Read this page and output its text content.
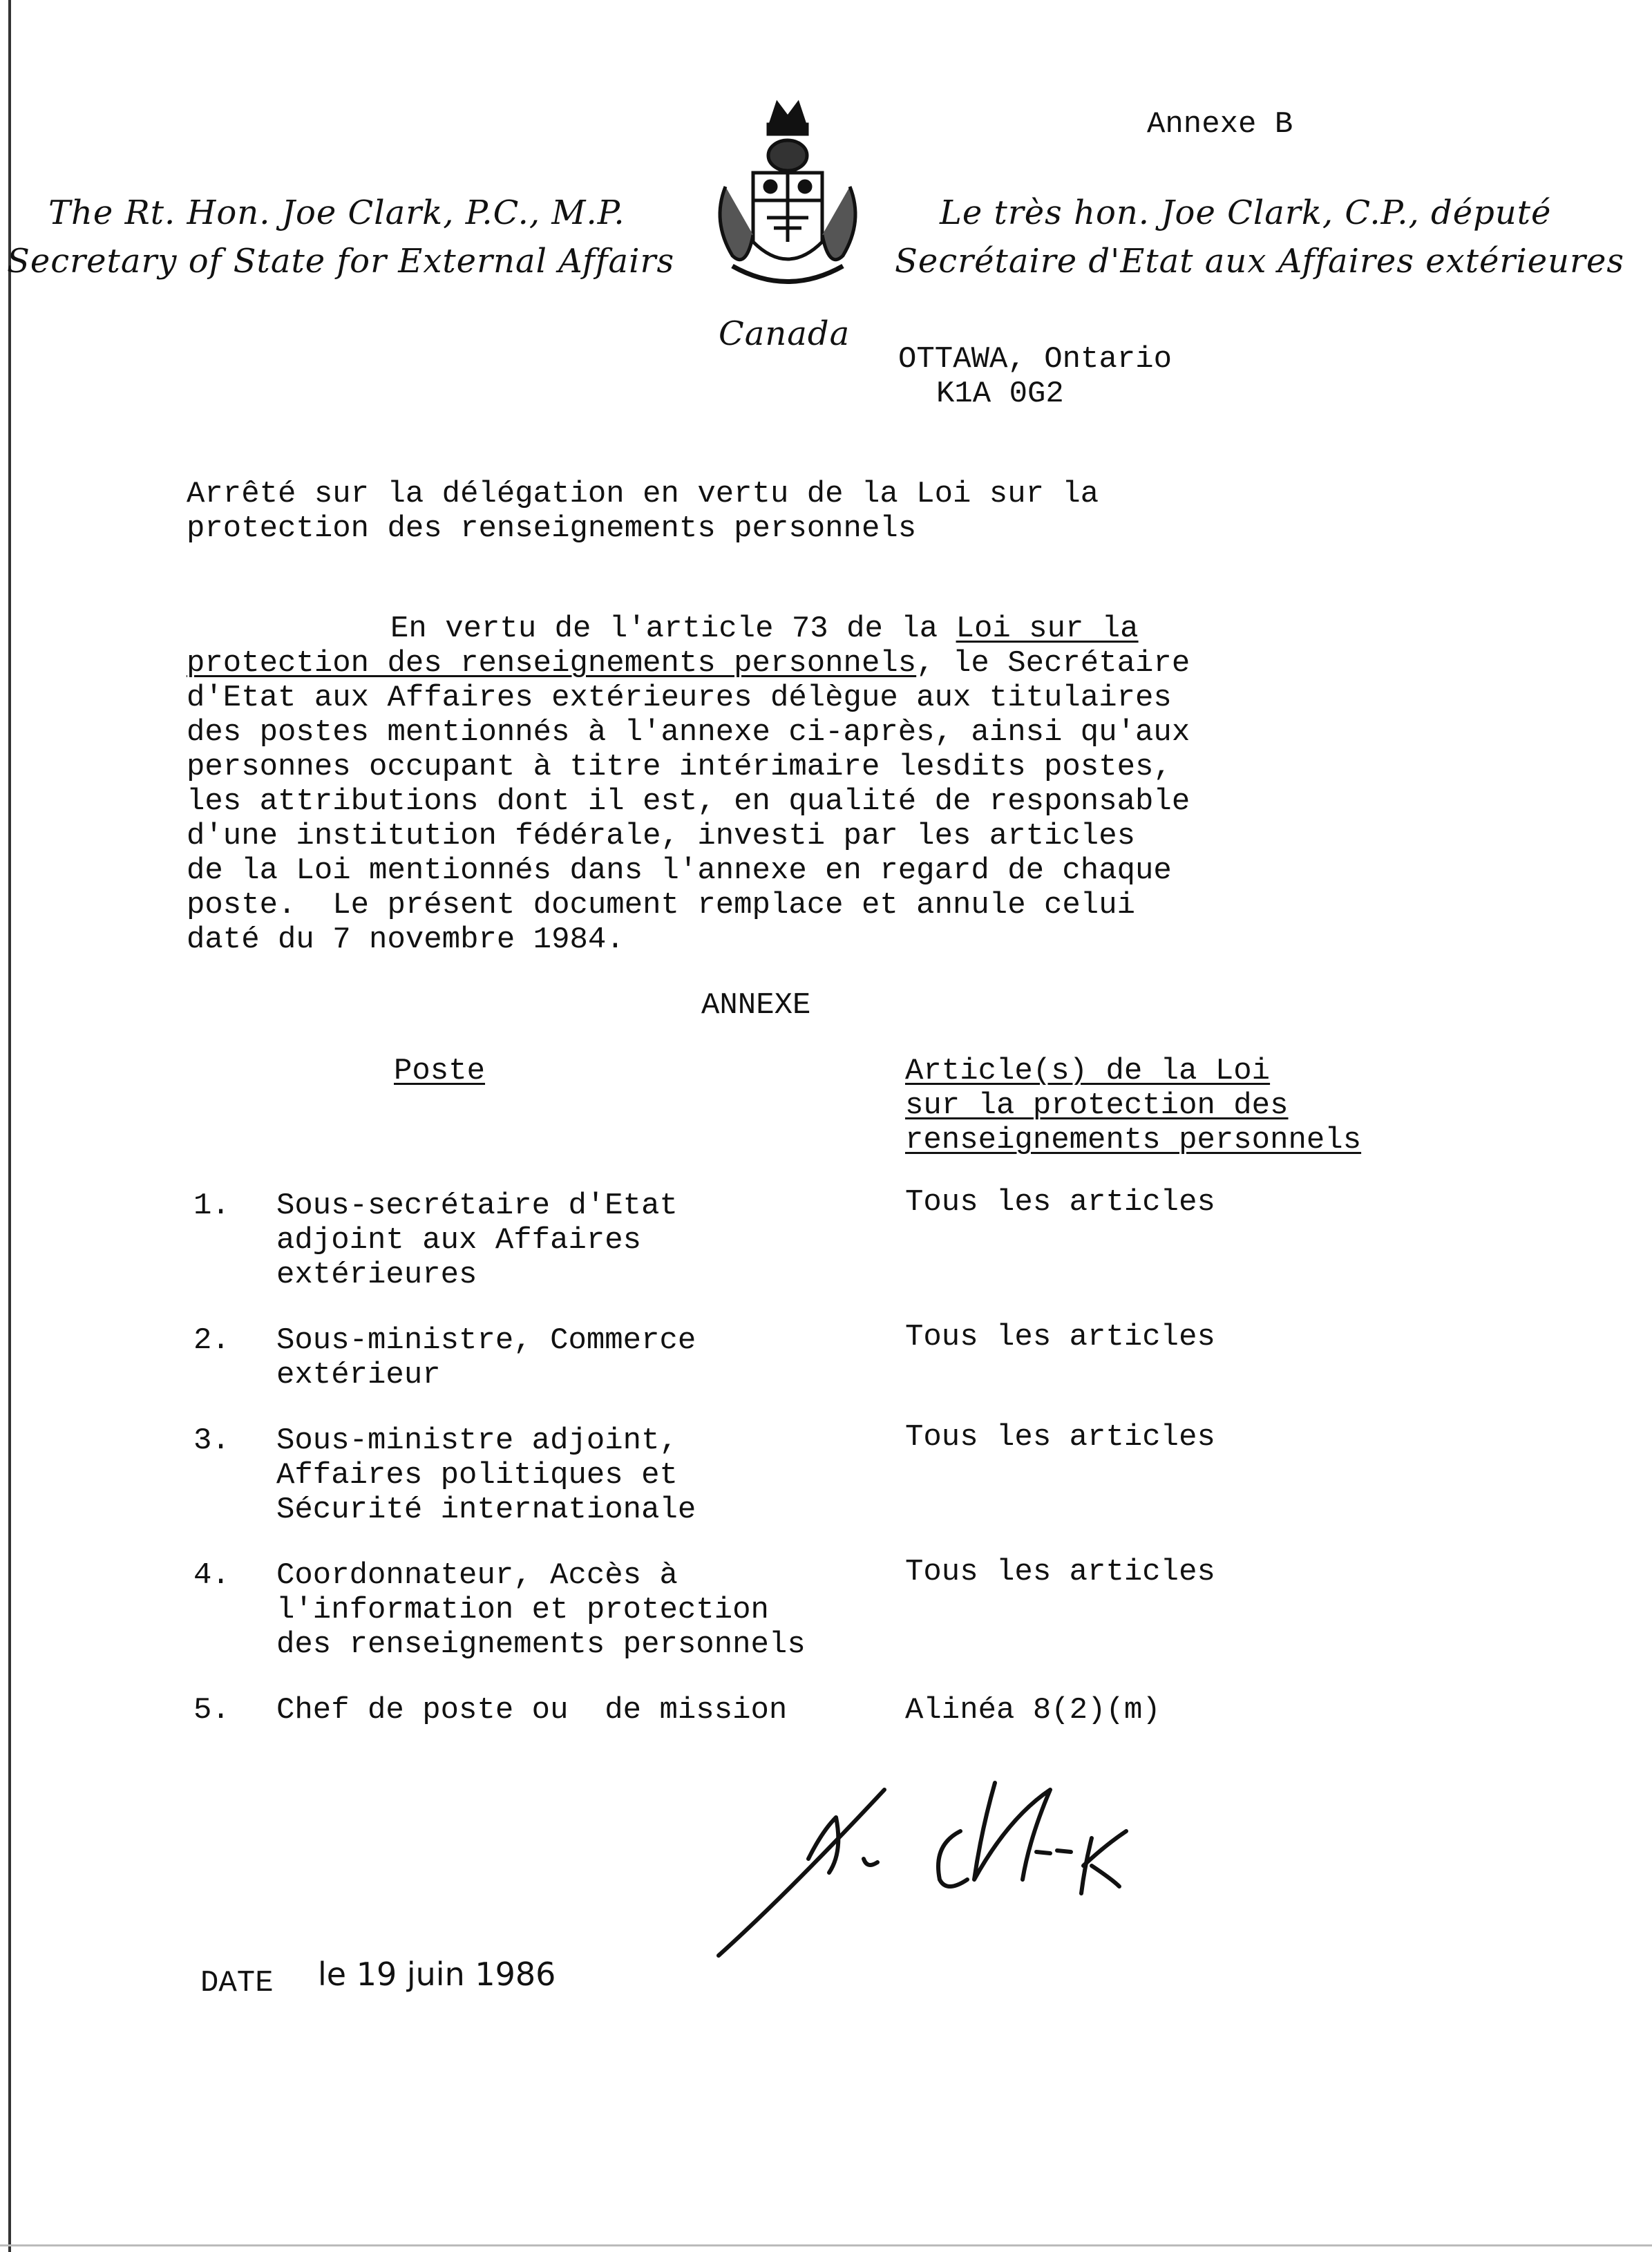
Annexe B
The Rt. Hon. Joe Clark, P.C., M.P.
Secretary of State for External Affairs
Le très hon. Joe Clark, C.P., député
Secrétaire d'Etat aux Affaires extérieures
Canada
OTTAWA, Ontario
K1A 0G2
Arrêté sur la délégation en vertu de la Loi sur la
protection des renseignements personnels
En vertu de l'article 73 de la Loi sur la
protection des renseignements personnels, le Secrétaire
d'Etat aux Affaires extérieures délègue aux titulaires
des postes mentionnés à l'annexe ci-après, ainsi qu'aux
personnes occupant à titre intérimaire lesdits postes,
les attributions dont il est, en qualité de responsable
d'une institution fédérale, investi par les articles
de la Loi mentionnés dans l'annexe en regard de chaque
poste.  Le présent document remplace et annule celui
daté du 7 novembre 1984.
ANNEXE
Poste	Article(s) de la Loi
sur la protection des
renseignements personnels
1. Sous-secrétaire d'Etat
adjoint aux Affaires
extérieures
Tous les articles
2. Sous-ministre, Commerce
extérieur
Tous les articles
3. Sous-ministre adjoint,
Affaires politiques et
Sécurité internationale
Tous les articles
4. Coordonnateur, Accès à
l'information et protection
des renseignements personnels
Tous les articles
5. Chef de poste ou  de mission	Alinéa 8(2)(m)
DATE le 19 juin 1986
